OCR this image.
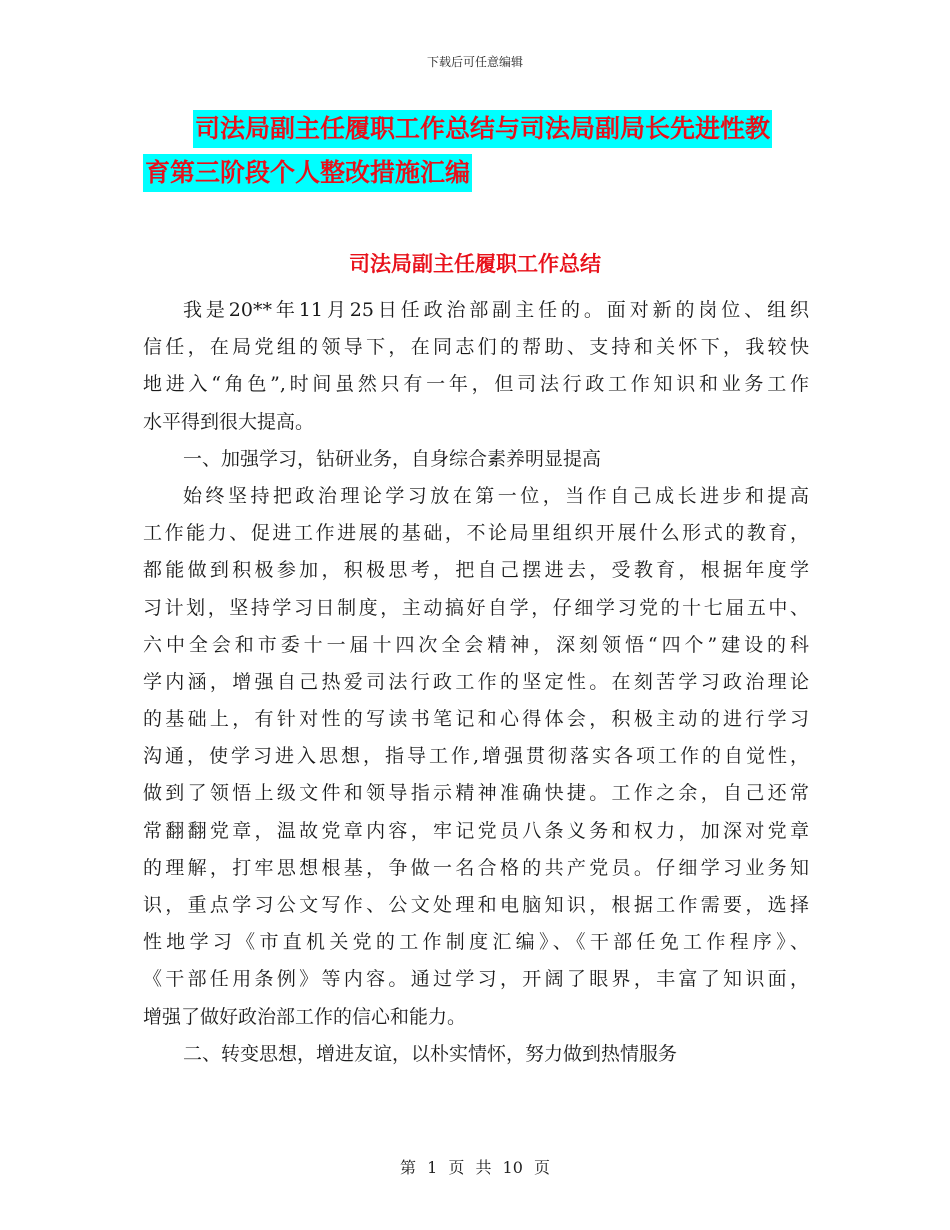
下载后可任意编辑
司法局副主任履职工作总结与司法局副局长先进性教
育第三阶段个人整改措施汇编
司法局副主任履职工作总结
我是20**年11月25日任政治部副主任的。面对新的岗位、组织
信任，在局党组的领导下，在同志们的帮助、支持和关怀下，我较快
地进入“角色”,时间虽然只有一年，但司法行政工作知识和业务工作
水平得到很大提高。
一、加强学习，钻研业务，自身综合素养明显提高
始终坚持把政治理论学习放在第一位，当作自己成长进步和提高
工作能力、促进工作进展的基础，不论局里组织开展什么形式的教育，
都能做到积极参加，积极思考，把自己摆进去，受教育，根据年度学
习计划，坚持学习日制度，主动搞好自学，仔细学习党的十七届五中、
六中全会和市委十一届十四次全会精神，深刻领悟“四个”建设的科
学内涵，增强自己热爱司法行政工作的坚定性。在刻苦学习政治理论
的基础上，有针对性的写读书笔记和心得体会，积极主动的进行学习
沟通，使学习进入思想，指导工作,增强贯彻落实各项工作的自觉性，
做到了领悟上级文件和领导指示精神准确快捷。工作之余，自己还常
常翻翻党章，温故党章内容，牢记党员八条义务和权力，加深对党章
的理解，打牢思想根基，争做一名合格的共产党员。仔细学习业务知
识，重点学习公文写作、公文处理和电脑知识，根据工作需要，选择
性地学习《市直机关党的工作制度汇编》、《干部任免工作程序》、
《干部任用条例》等内容。通过学习，开阔了眼界，丰富了知识面，
增强了做好政治部工作的信心和能力。
二、转变思想，增进友谊，以朴实情怀，努力做到热情服务
第 1 页 共 10 页
